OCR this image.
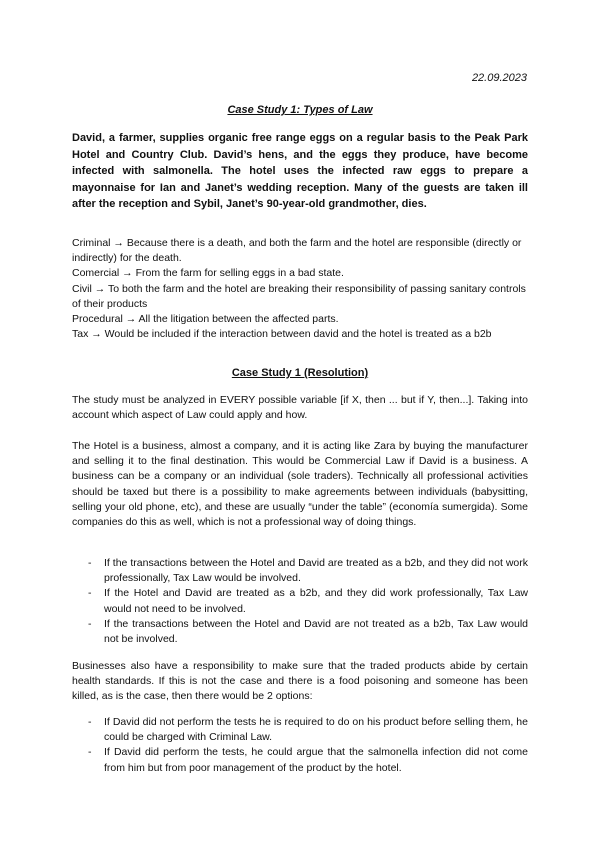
22.09.2023
Case Study 1: Types of Law

David, a farmer, supplies organic free range eggs on a regular basis to the Peak Park Hotel and Country Club. David’s hens, and the eggs they produce, have become infected with salmonella. The hotel uses the infected raw eggs to prepare a mayonnaise for Ian and Janet’s wedding reception. Many of the guests are taken ill after the reception and Sybil, Janet’s 90-year-old grandmother, dies.

Criminal → Because there is a death, and both the farm and the hotel are responsible (directly or indirectly) for the death.
Comercial → From the farm for selling eggs in a bad state.
Civil → To both the farm and the hotel are breaking their responsibility of passing sanitary controls of their products
Procedural → All the litigation between the affected parts.
Tax → Would be included if the interaction between david and the hotel is treated as a b2b
Case Study 1 (Resolution)

The study must be analyzed in EVERY possible variable [if X, then ... but if Y, then...]. Taking into account which aspect of Law could apply and how.

The Hotel is a business, almost a company, and it is acting like Zara by buying the manufacturer and selling it to the final destination. This would be Commercial Law if David is a business. A business can be a company or an individual (sole traders). Technically all professional activities should be taxed but there is a possibility to make agreements between individuals (babysitting, selling your old phone, etc), and these are usually “under the table” (economía sumergida). Some companies do this as well, which is not a professional way of doing things.

- If the transactions between the Hotel and David are treated as a b2b, and they did not work professionally, Tax Law would be involved.
- If the Hotel and David are treated as a b2b, and they did work professionally, Tax Law would not need to be involved.
- If the transactions between the Hotel and David are not treated as a b2b, Tax Law would not be involved.

Businesses also have a responsibility to make sure that the traded products abide by certain health standards. If this is not the case and there is a food poisoning and someone has been killed, as is the case, then there would be 2 options:

- If David did not perform the tests he is required to do on his product before selling them, he could be charged with Criminal Law.
- If David did perform the tests, he could argue that the salmonella infection did not come from him but from poor management of the product by the hotel.
